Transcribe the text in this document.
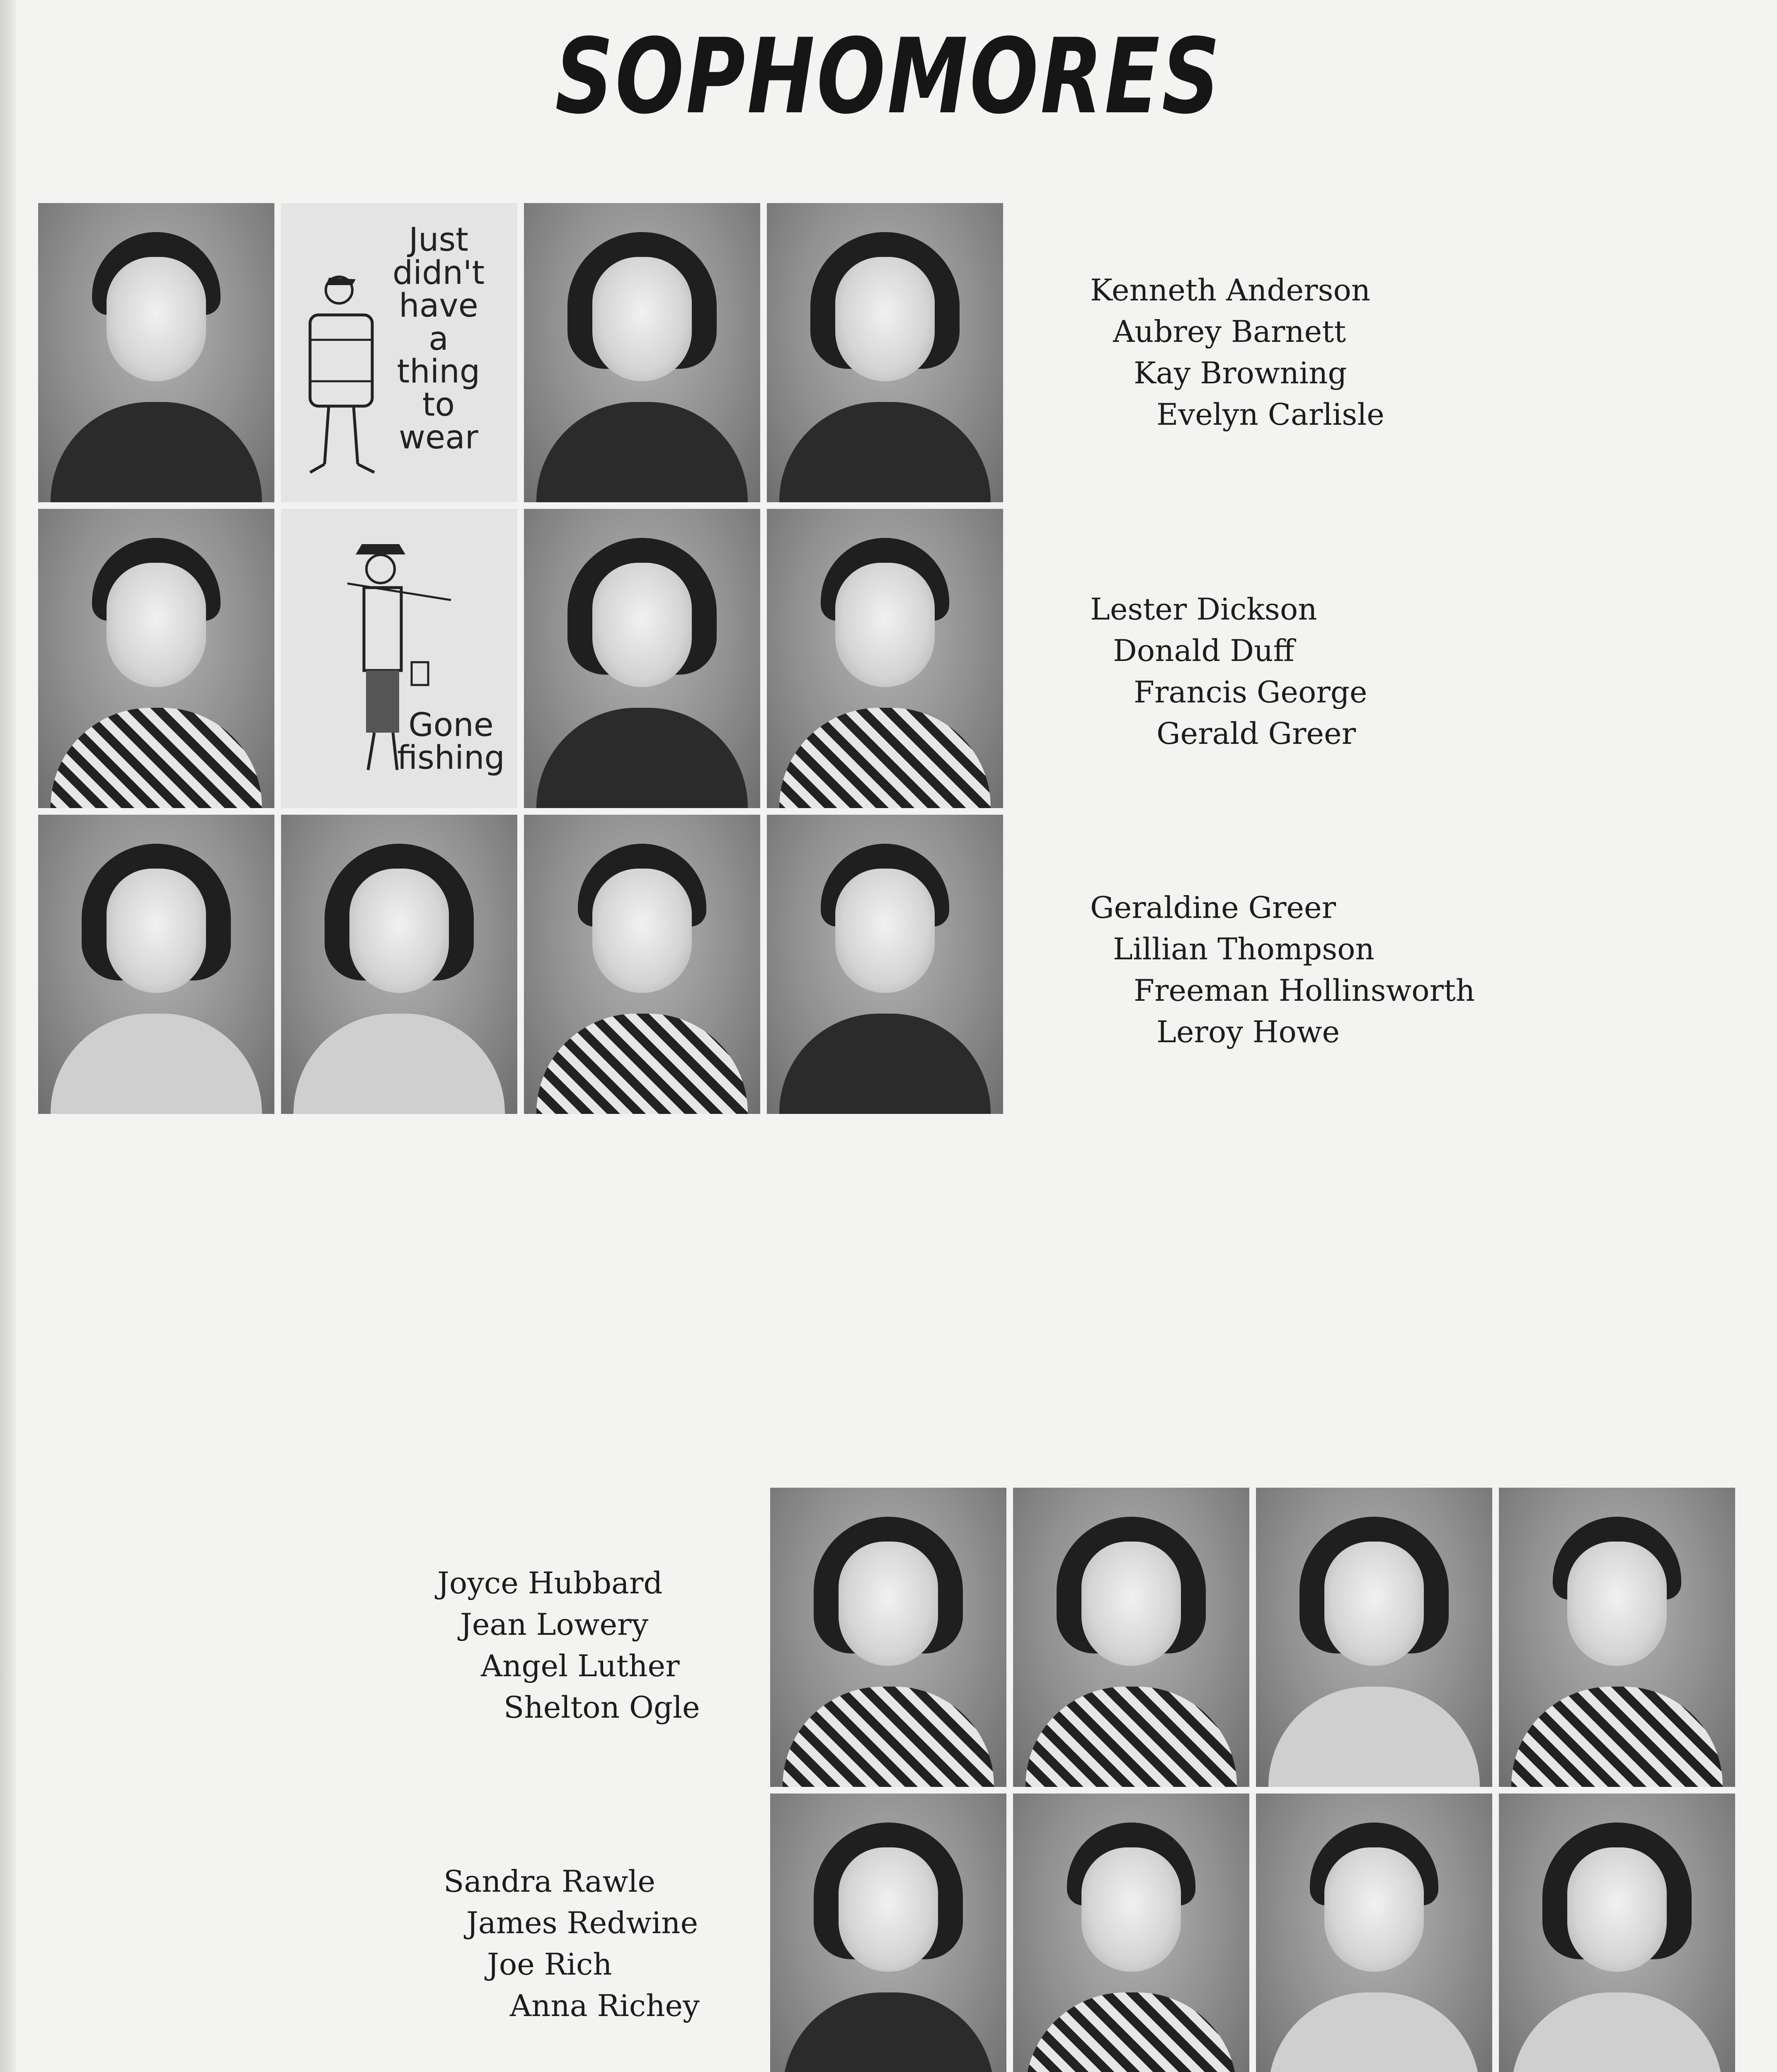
SOPHOMORES
Just
didn't
have
a
thing
to
wear
Gone
fishing
Kenneth Anderson
Aubrey Barnett
Kay Browning
Evelyn Carlisle
Lester Dickson
Donald Duff
Francis George
Gerald Greer
Geraldine Greer
Lillian Thompson
Freeman Hollinsworth
Leroy Howe
Joyce Hubbard
Jean Lowery
Angel Luther
Shelton Ogle
Sandra Rawle
James Redwine
Joe Rich
Anna Richey
